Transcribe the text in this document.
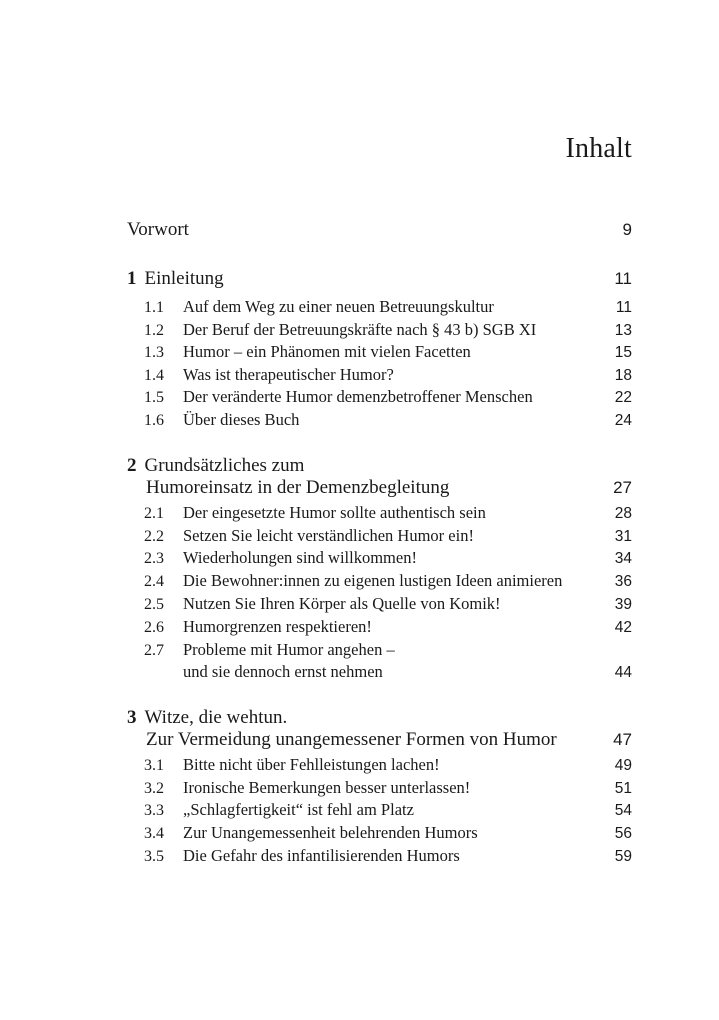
Inhalt
Vorwort	9
1 Einleitung	11
1.1 Auf dem Weg zu einer neuen Betreuungskultur	11
1.2 Der Beruf der Betreuungskräfte nach § 43 b) SGB XI	13
1.3 Humor – ein Phänomen mit vielen Facetten	15
1.4 Was ist therapeutischer Humor?	18
1.5 Der veränderte Humor demenzbetroffener Menschen	22
1.6 Über dieses Buch	24
2 Grundsätzliches zum
Humoreinsatz in der Demenzbegleitung	27
2.1 Der eingesetzte Humor sollte authentisch sein	28
2.2 Setzen Sie leicht verständlichen Humor ein!	31
2.3 Wiederholungen sind willkommen!	34
2.4 Die Bewohner:innen zu eigenen lustigen Ideen animieren	36
2.5 Nutzen Sie Ihren Körper als Quelle von Komik!	39
2.6 Humorgrenzen respektieren!	42
2.7 Probleme mit Humor angehen –
und sie dennoch ernst nehmen	44
3 Witze, die wehtun.
Zur Vermeidung unangemessener Formen von Humor	47
3.1 Bitte nicht über Fehlleistungen lachen!	49
3.2 Ironische Bemerkungen besser unterlassen!	51
3.3 „Schlagfertigkeit“ ist fehl am Platz	54
3.4 Zur Unangemessenheit belehrenden Humors	56
3.5 Die Gefahr des infantilisierenden Humors	59
